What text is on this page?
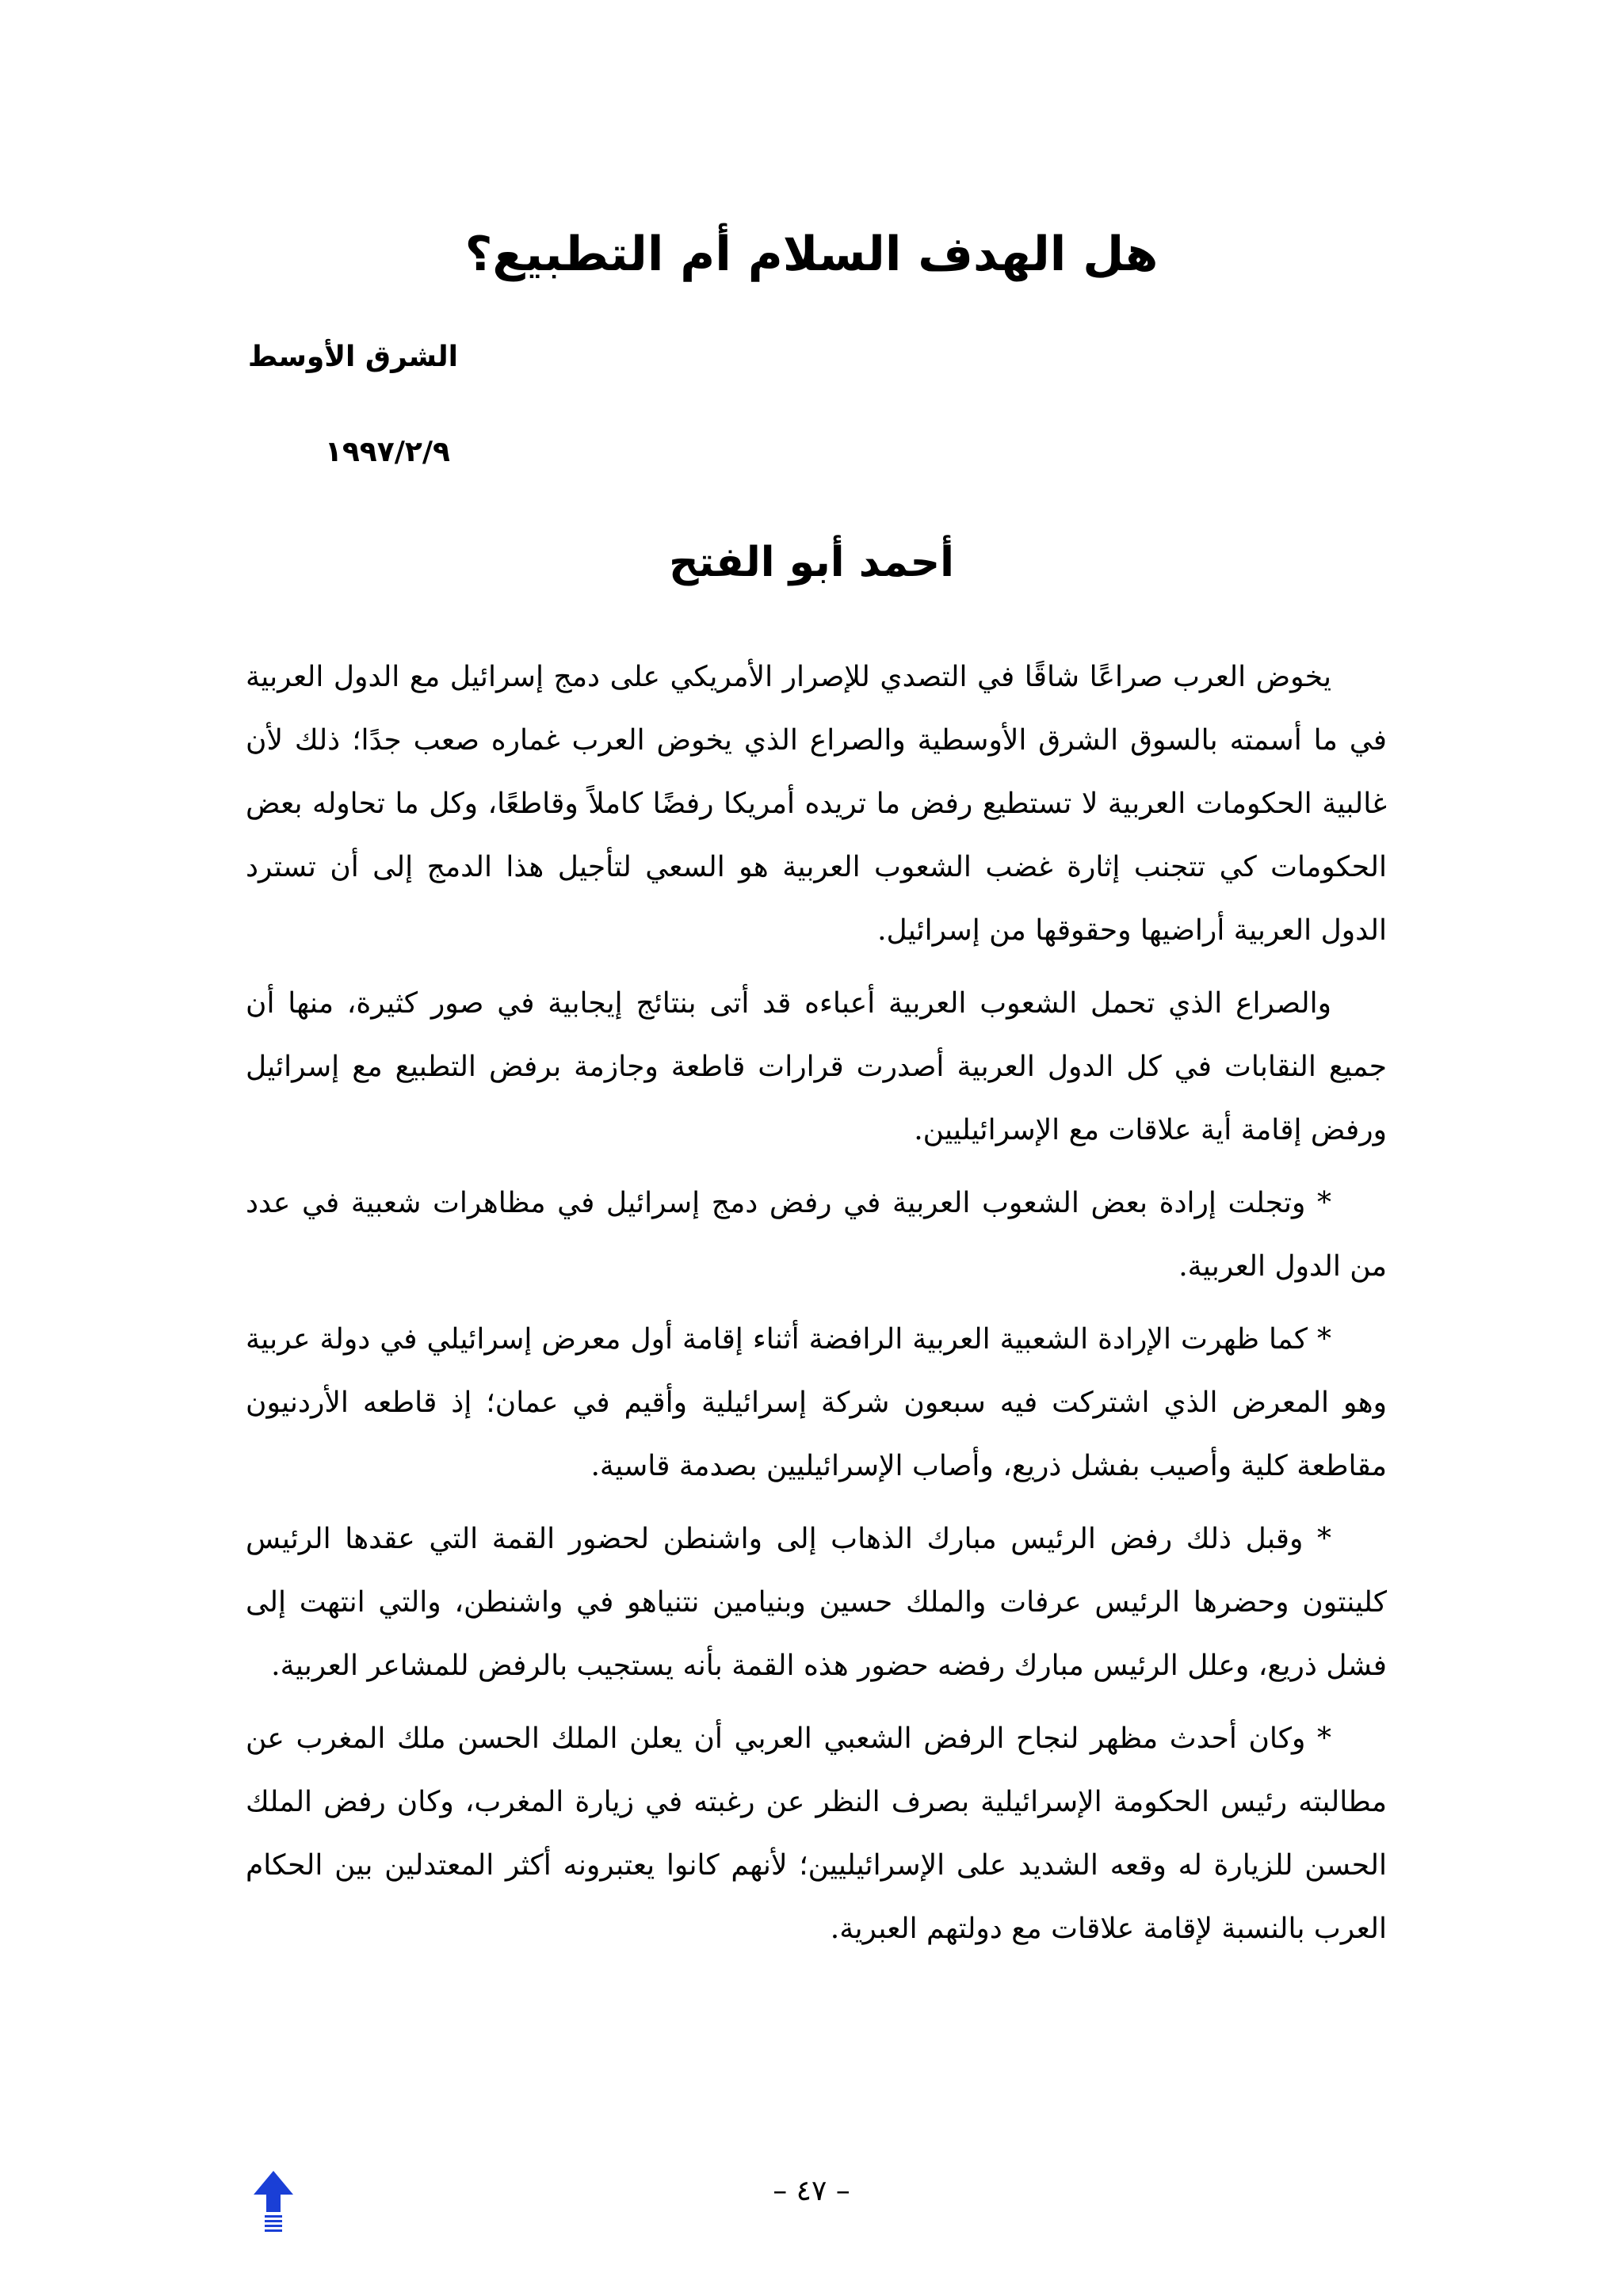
هل الهدف السلام أم التطبيع؟
الشرق الأوسط
١٩٩٧/٢/٩
أحمد أبو الفتح

يخوض العرب صراعًا شاقًا في التصدي للإصرار الأمريكي على دمج إسرائيل مع الدول العربية في ما أسمته بالسوق الشرق الأوسطية والصراع الذي يخوض العرب غماره صعب جدًا؛ ذلك لأن غالبية الحكومات العربية لا تستطيع رفض ما تريده أمريكا رفضًا كاملاً وقاطعًا، وكل ما تحاوله بعض الحكومات كي تتجنب إثارة غضب الشعوب العربية هو السعي لتأجيل هذا الدمج إلى أن تسترد الدول العربية أراضيها وحقوقها من إسرائيل.

والصراع الذي تحمل الشعوب العربية أعباءه قد أتى بنتائج إيجابية في صور كثيرة، منها أن جميع النقابات في كل الدول العربية أصدرت قرارات قاطعة وجازمة برفض التطبيع مع إسرائيل ورفض إقامة أية علاقات مع الإسرائيليين.

* وتجلت إرادة بعض الشعوب العربية في رفض دمج إسرائيل في مظاهرات شعبية في عدد من الدول العربية.

* كما ظهرت الإرادة الشعبية العربية الرافضة أثناء إقامة أول معرض إسرائيلي في دولة عربية وهو المعرض الذي اشتركت فيه سبعون شركة إسرائيلية وأقيم في عمان؛ إذ قاطعه الأردنيون مقاطعة كلية وأصيب بفشل ذريع، وأصاب الإسرائيليين بصدمة قاسية.

* وقبل ذلك رفض الرئيس مبارك الذهاب إلى واشنطن لحضور القمة التي عقدها الرئيس كلينتون وحضرها الرئيس عرفات والملك حسين وبنيامين نتنياهو في واشنطن، والتي انتهت إلى فشل ذريع، وعلل الرئيس مبارك رفضه حضور هذه القمة بأنه يستجيب بالرفض للمشاعر العربية.

* وكان أحدث مظهر لنجاح الرفض الشعبي العربي أن يعلن الملك الحسن ملك المغرب عن مطالبته رئيس الحكومة الإسرائيلية بصرف النظر عن رغبته في زيارة المغرب، وكان رفض الملك الحسن للزيارة له وقعه الشديد على الإسرائيليين؛ لأنهم كانوا يعتبرونه أكثر المعتدلين بين الحكام العرب بالنسبة لإقامة علاقات مع دولتهم العبرية.

– ٤٧ –
